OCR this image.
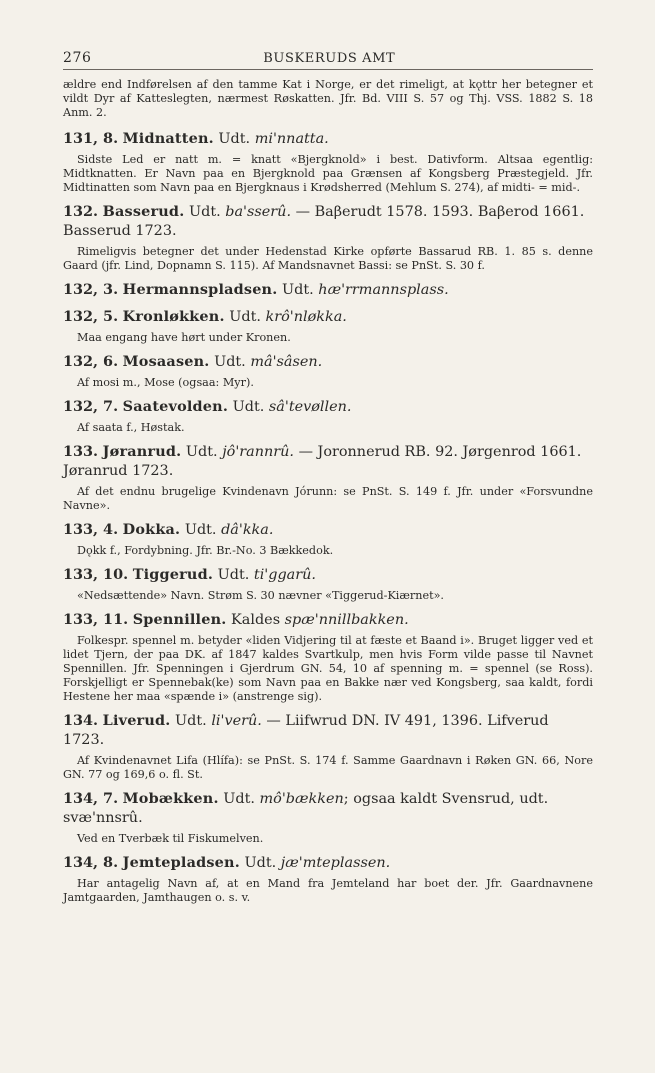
276	BUSKERUDS AMT

ældre end Indførelsen af den tamme Kat i Norge, er det rimeligt, at kǫttr her betegner et vildt Dyr af Katteslegten, nærmest Røskatten. Jfr. Bd. VIII S. 57 og Thj. VSS. 1882 S. 18 Anm. 2.

131, 8. Midnatten. Udt. mi'nnatta.

Sidste Led er natt m. = knatt «Bjergknold» i best. Dativform. Altsaa egentlig: Midtknatten. Er Navn paa en Bjergknold paa Grænsen af Kongsberg Præstegjeld. Jfr. Midtinatten som Navn paa en Bjergknaus i Krødsherred (Mehlum S. 274), af midti- = mid-.

132. Basserud. Udt. ba'sserû. — Baβerudt 1578. 1593. Baβerod 1661. Basserud 1723.

Rimeligvis betegner det under Hedenstad Kirke opførte Bassarud RB. 1. 85 s. denne Gaard (jfr. Lind, Dopnamn S. 115). Af Mandsnavnet Bassi: se PnSt. S. 30 f.

132, 3. Hermannspladsen. Udt. hæ'rrmannsplass.

132, 5. Kronløkken. Udt. krô'nløkka.

Maa engang have hørt under Kronen.

132, 6. Mosaasen. Udt. mâ'sâsen.

Af mosi m., Mose (ogsaa: Myr).

132, 7. Saatevolden. Udt. sâ'tevøllen.

Af saata f., Høstak.

133. Jøranrud. Udt. jô'rannrû. — Joronnerud RB. 92. Jørgenrod 1661. Jøranrud 1723.

Af det endnu brugelige Kvindenavn Jórunn: se PnSt. S. 149 f. Jfr. under «Forsvundne Navne».

133, 4. Dokka. Udt. dâ'kka.

Dǫkk f., Fordybning. Jfr. Br.-No. 3 Bækkedok.

133, 10. Tiggerud. Udt. ti'ggarû.

«Nedsættende» Navn. Strøm S. 30 nævner «Tiggerud-Kiærnet».

133, 11. Spennillen. Kaldes spæ'nnillbakken.

Folkespr. spennel m. betyder «liden Vidjering til at fæste et Baand i». Bruget ligger ved et lidet Tjern, der paa DK. af 1847 kaldes Svartkulp, men hvis Form vilde passe til Navnet Spennillen. Jfr. Spenningen i Gjerdrum GN. 54, 10 af spenning m. = spennel (se Ross). Forskjelligt er Spennebak(ke) som Navn paa en Bakke nær ved Kongsberg, saa kaldt, fordi Hestene her maa «spænde i» (anstrenge sig).

134. Liverud. Udt. li'verû. — Liifwrud DN. IV 491, 1396. Lifverud 1723.

Af Kvindenavnet Lifa (Hlífa): se PnSt. S. 174 f. Samme Gaardnavn i Røken GN. 66, Nore GN. 77 og 169,6 o. fl. St.

134, 7. Mobækken. Udt. mô'bækken; ogsaa kaldt Svensrud, udt. svæ'nnsrû.

Ved en Tverbæk til Fiskumelven.

134, 8. Jemtepladsen. Udt. jæ'mteplassen.

Har antagelig Navn af, at en Mand fra Jemteland har boet der. Jfr. Gaardnavnene Jamtgaarden, Jamthaugen o. s. v.
